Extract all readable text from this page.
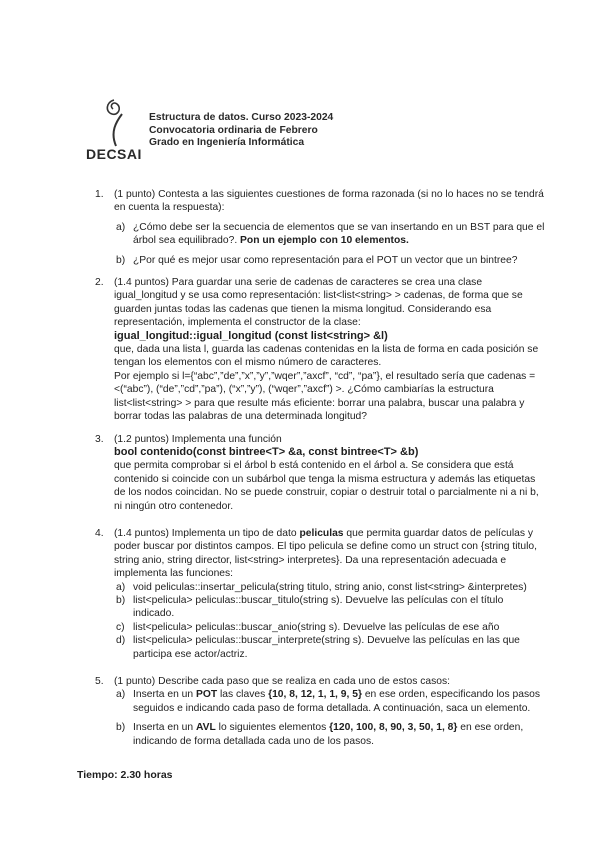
DECSAI
Estructura de datos. Curso 2023-2024
Convocatoria ordinaria de Febrero
Grado en Ingeniería Informática
1. (1 punto) Contesta a las siguientes cuestiones de forma razonada (si no lo haces no se tendrá en cuenta la respuesta):

a) ¿Cómo debe ser la secuencia de elementos que se van insertando en un BST para que el árbol sea equilibrado?. Pon un ejemplo con 10 elementos.
b) ¿Por qué es mejor usar como representación para el POT un vector que un bintree?
2. (1.4 puntos) Para guardar una serie de cadenas de caracteres se crea una clase igual_longitud y se usa como representación: list<list<string> > cadenas, de forma que se guarden juntas todas las cadenas que tienen la misma longitud. Considerando esa representación, implementa el constructor de la clase:

igual_longitud::igual_longitud (const list<string> &l)

que, dada una lista l, guarda las cadenas contenidas en la lista de forma en cada posición se tengan los elementos con el mismo número de caracteres.

Por ejemplo si l={“abc”,”de”,”x”,”y”,”wqer”,”axcf”, “cd”, “pa”}, el resultado sería que cadenas = <(“abc”), (“de”,”cd”,”pa”), (“x”,”y”), (“wqer”,”axcf”) >. ¿Cómo cambiarías la estructura list<list<string> > para que resulte más eficiente: borrar una palabra, buscar una palabra y borrar todas las palabras de una determinada longitud?

3. (1.2 puntos) Implementa una función

bool contenido(const bintree<T> &a, const bintree<T> &b)

que permita comprobar si el árbol b está contenido en el árbol a. Se considera que está contenido si coincide con un subárbol que tenga la misma estructura y además las etiquetas de los nodos coincidan. No se puede construir, copiar o destruir total o parcialmente ni a ni b, ni ningún otro contenedor.

4. (1.4 puntos) Implementa un tipo de dato peliculas que permita guardar datos de películas y poder buscar por distintos campos. El tipo pelicula se define como un struct con {string titulo, string anio, string director, list<string> interpretes}. Da una representación adecuada e implementa las funciones:

a) void peliculas::insertar_pelicula(string titulo, string anio, const list<string> &interpretes)
b) list<pelicula> peliculas::buscar_titulo(string s). Devuelve las películas con el título indicado.
c) list<pelicula> peliculas::buscar_anio(string s). Devuelve las películas de ese año
d) list<pelicula> peliculas::buscar_interprete(string s). Devuelve las películas en las que participa ese actor/actriz.
5. (1 punto) Describe cada paso que se realiza en cada uno de estos casos:

a) Inserta en un POT las claves {10, 8, 12, 1, 1, 9, 5} en ese orden, especificando los pasos seguidos e indicando cada paso de forma detallada. A continuación, saca un elemento.
b) Inserta en un AVL lo siguientes elementos {120, 100, 8, 90, 3, 50, 1, 8} en ese orden, indicando de forma detallada cada uno de los pasos.
Tiempo: 2.30 horas
